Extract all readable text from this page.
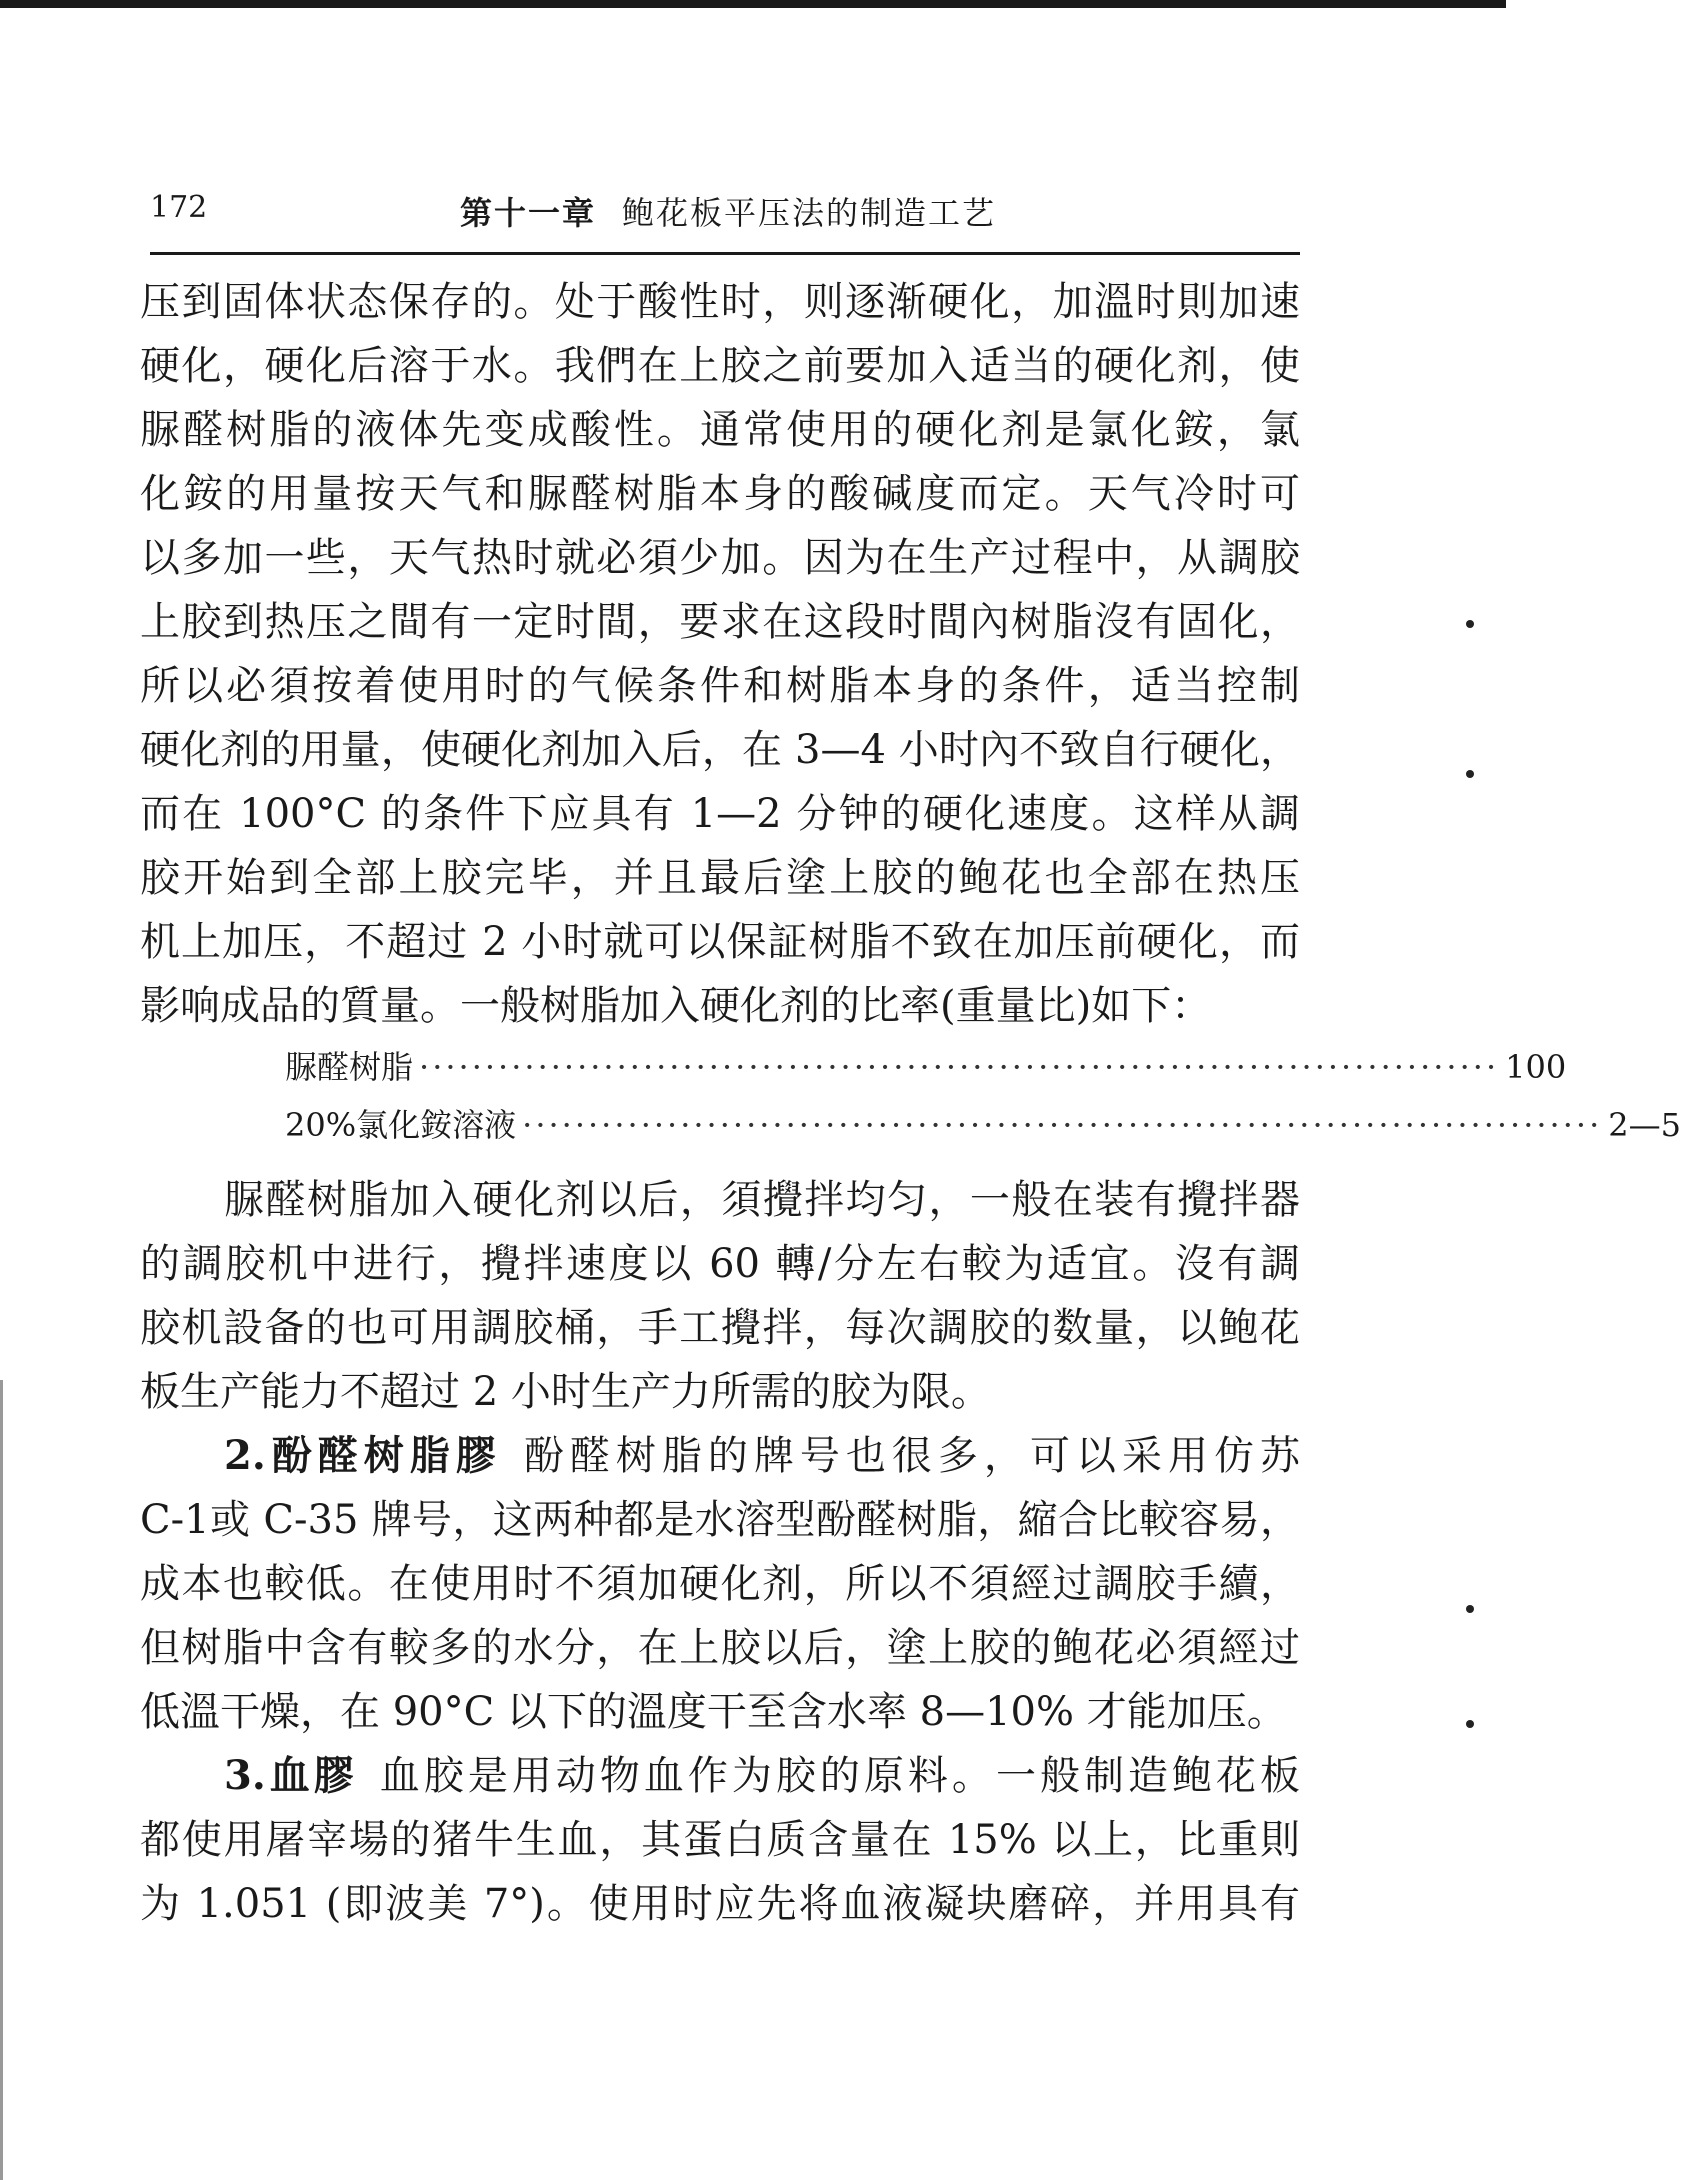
172	第十一章 鲍花板平压法的制造工艺
压到固体状态保存的。处于酸性时，则逐渐硬化，加溫时則加速
硬化，硬化后溶于水。我們在上胶之前要加入适当的硬化剂，使
脲醛树脂的液体先变成酸性。通常使用的硬化剂是氯化銨，氯
化銨的用量按天气和脲醛树脂本身的酸碱度而定。天气冷时可
以多加一些，天气热时就必須少加。因为在生产过程中，从調胶
上胶到热压之間有一定时間，要求在这段时間內树脂沒有固化，
所以必須按着使用时的气候条件和树脂本身的条件，适当控制
硬化剂的用量，使硬化剂加入后，在 3—4 小时內不致自行硬化，
而在 100°C 的条件下应具有 1—2 分钟的硬化速度。这样从調
胶开始到全部上胶完毕，并且最后塗上胶的鲍花也全部在热压
机上加压，不超过 2 小时就可以保証树脂不致在加压前硬化，而
影响成品的質量。一般树脂加入硬化剂的比率(重量比)如下：
脲醛树脂 ·················································································· 100
20%氯化銨溶液 ·················································································· 2—5
脲醛树脂加入硬化剂以后，須攪拌均匀，一般在装有攪拌器
的調胶机中进行，攪拌速度以 60 轉/分左右較为适宜。沒有調
胶机設备的也可用調胶桶，手工攪拌，每次調胶的数量，以鲍花
板生产能力不超过 2 小时生产力所需的胶为限。
2.酚醛树脂膠 酚醛树脂的牌号也很多，可以采用仿苏
C-1或 C-35 牌号，这两种都是水溶型酚醛树脂，縮合比較容易，
成本也較低。在使用时不須加硬化剂，所以不須經过調胶手續，
但树脂中含有較多的水分，在上胶以后，塗上胶的鲍花必須經过
低溫干燥，在 90°C 以下的溫度干至含水率 8—10% 才能加压。
3.血膠 血胶是用动物血作为胶的原料。一般制造鲍花板
都使用屠宰場的猪牛生血，其蛋白质含量在 15% 以上，比重則
为 1.051 (即波美 7°)。使用时应先将血液凝块磨碎，并用具有
